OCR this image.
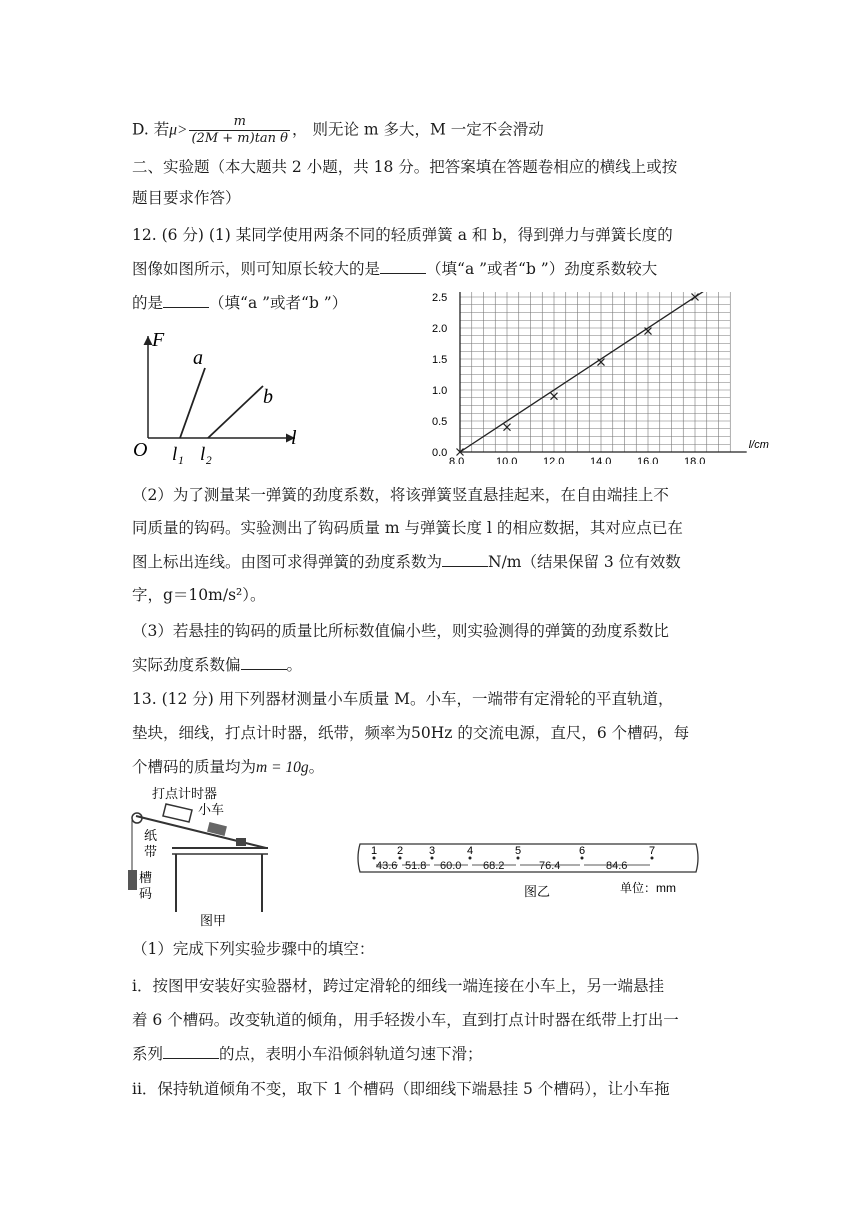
D. 若$\mu> \frac{m}{\text{(2M + m)tan θ}}$ ， 则无论 m 多大，M 一定不会滑动
二、实验题（本大题共 2 小题，共 18 分。把答案填在答题卷相应的横线上或按
题目要求作答）
12. (6 分) (1) 某同学使用两条不同的轻质弹簧 a 和 b，得到弹力与弹簧长度的
图像如图所示，则可知原长较大的是	（填“a ”或者“b ”）劲度系数较大
的是	（填“a ”或者“b ”）
F
l
O
a
b
l₁ l₂	8.0	10.0 12.0 14.0 16.0 18.0
0.0
0.5
1.0
1.5
2.0
2.5
l/cm
（2）为了测量某一弹簧的劲度系数，将该弹簧竖直悬挂起来，在自由端挂上不
同质量的钩码。实验测出了钩码质量 m 与弹簧长度 l 的相应数据，其对应点已在
图上标出连线。由图可求得弹簧的劲度系数为	N/m（结果保留 3 位有效数
字，g＝10m/s²）。
（3）若悬挂的钩码的质量比所标数值偏小些，则实验测得的弹簧的劲度系数比
实际劲度系数偏	。
13. (12 分) 用下列器材测量小车质量 M。小车，一端带有定滑轮的平直轨道，
垫块，细线，打点计时器，纸带，频率为50Hz 的交流电源，直尺，6 个槽码，每
个槽码的质量均为m = 10g。
打点计时器
小车
纸
带
槽
码
图甲
1 2 3	4	5	6	7
43.6 51.8 60.0 68.2	76.4	84.6
图乙	单位：mm
（1）完成下列实验步骤中的填空：
i．按图甲安装好实验器材，跨过定滑轮的细线一端连接在小车上，另一端悬挂
着 6 个槽码。改变轨道的倾角，用手轻拨小车，直到打点计时器在纸带上打出一
系列	的点，表明小车沿倾斜轨道匀速下滑；
ii．保持轨道倾角不变，取下 1 个槽码（即细线下端悬挂 5 个槽码），让小车拖
